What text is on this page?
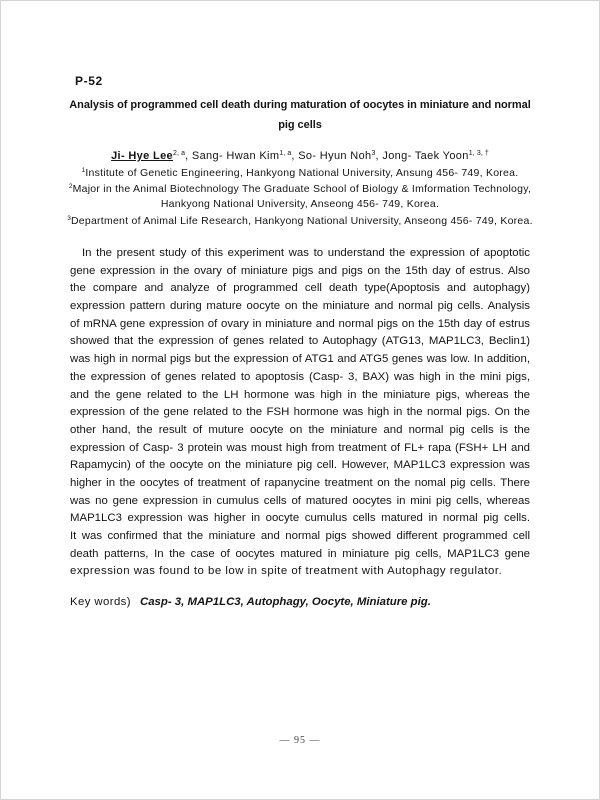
P-52
Analysis of programmed cell death during maturation of oocytes in miniature and normal
pig cells
Ji- Hye Lee$^{2, a}$, Sang- Hwan Kim$^{1, a}$, So- Hyun Noh$^3$, Jong- Taek Yoon$^{1, 3, \dagger}$
$^1$Institute of Genetic Engineering, Hankyong National University, Ansung 456- 749, Korea.
$^2$Major in the Animal Biotechnology The Graduate School of Biology & Imformation Technology,
Hankyong National University, Anseong 456- 749, Korea.
$^3$Department of Animal Life Research, Hankyong National University, Anseong 456- 749, Korea.
In the present study of this experiment was to understand the expression of apoptotic
gene expression in the ovary of miniature pigs and pigs on the 15th day of estrus. Also
the compare and analyze of programmed cell death type(Apoptosis and autophagy)
expression pattern during mature oocyte on the miniature and normal pig cells. Analysis
of mRNA gene expression of ovary in miniature and normal pigs on the 15th day of estrus
showed that the expression of genes related to Autophagy (ATG13, MAP1LC3, Beclin1)
was high in normal pigs but the expression of ATG1 and ATG5 genes was low. In addition,
the expression of genes related to apoptosis (Casp- 3, BAX) was high in the mini pigs,
and the gene related to the LH hormone was high in the miniature pigs, whereas the
expression of the gene related to the FSH hormone was high in the normal pigs. On the
other hand, the result of muture oocyte on the miniature and normal pig cells is the
expression of Casp- 3 protein was moust high from treatment of FL+ rapa (FSH+ LH and
Rapamycin) of the oocyte on the miniature pig cell. However, MAP1LC3 expression was
higher in the oocytes of treatment of rapanycine treatment on the nomal pig cells. There
was no gene expression in cumulus cells of matured oocytes in mini pig cells, whereas
MAP1LC3 expression was higher in oocyte cumulus cells matured in normal pig cells.
It was confirmed that the miniature and normal pigs showed different programmed cell
death patterns, In the case of oocytes matured in miniature pig cells, MAP1LC3 gene
expression was found to be low in spite of treatment with Autophagy regulator.
Key words) Casp- 3, MAP1LC3, Autophagy, Oocyte, Miniature pig.
— 95 —
